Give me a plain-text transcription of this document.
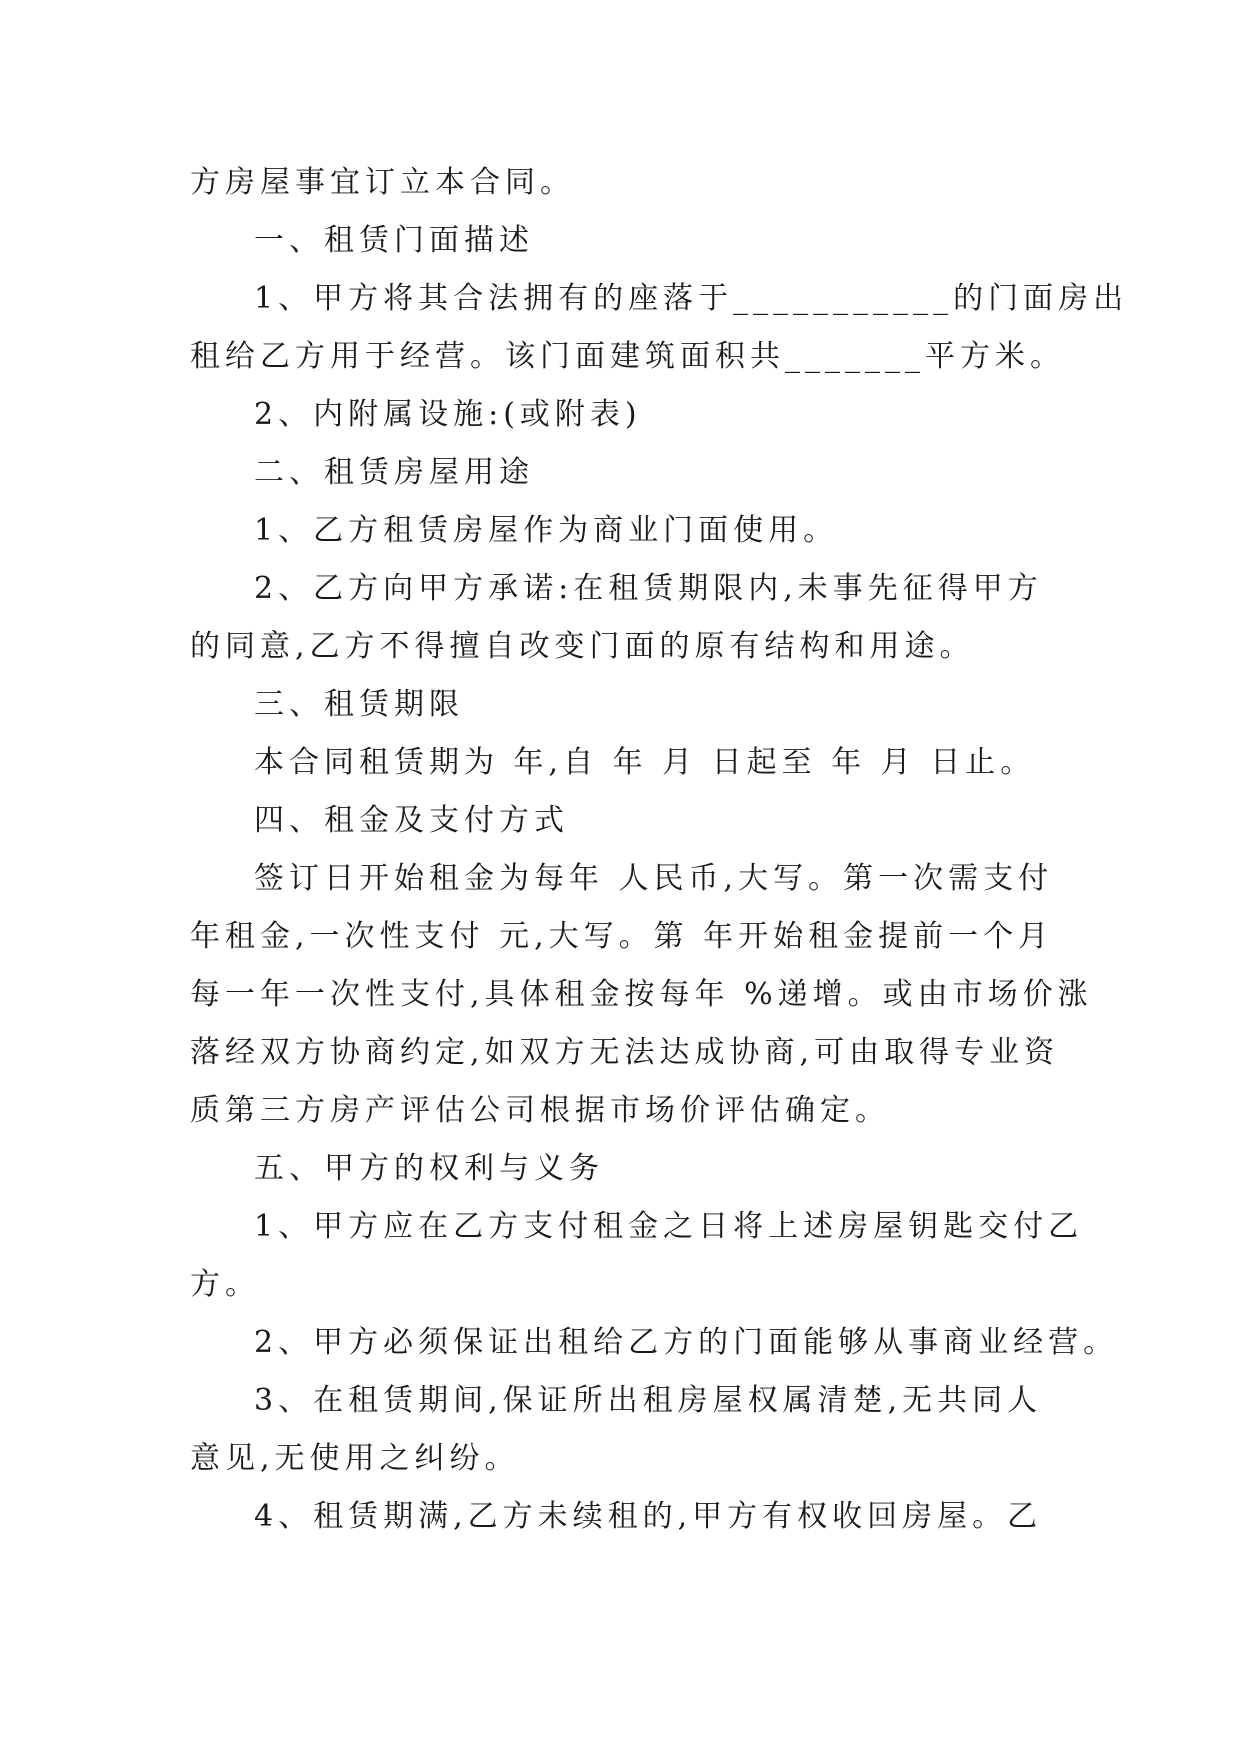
方房屋事宜订立本合同。

一、租赁门面描述

1、甲方将其合法拥有的座落于___________的门面房出

租给乙方用于经营。该门面建筑面积共_______平方米。

2、内附属设施:(或附表)

二、租赁房屋用途

1、乙方租赁房屋作为商业门面使用。

2、乙方向甲方承诺:在租赁期限内,未事先征得甲方

的同意,乙方不得擅自改变门面的原有结构和用途。

三、租赁期限

本合同租赁期为 年,自 年 月 日起至 年 月 日止。

四、租金及支付方式

签订日开始租金为每年 人民币,大写。第一次需支付

年租金,一次性支付 元,大写。第 年开始租金提前一个月

每一年一次性支付,具体租金按每年 %递增。或由市场价涨

落经双方协商约定,如双方无法达成协商,可由取得专业资

质第三方房产评估公司根据市场价评估确定。

五、甲方的权利与义务

1、甲方应在乙方支付租金之日将上述房屋钥匙交付乙

方。

2、甲方必须保证出租给乙方的门面能够从事商业经营。

3、在租赁期间,保证所出租房屋权属清楚,无共同人

意见,无使用之纠纷。

4、租赁期满,乙方未续租的,甲方有权收回房屋。乙
